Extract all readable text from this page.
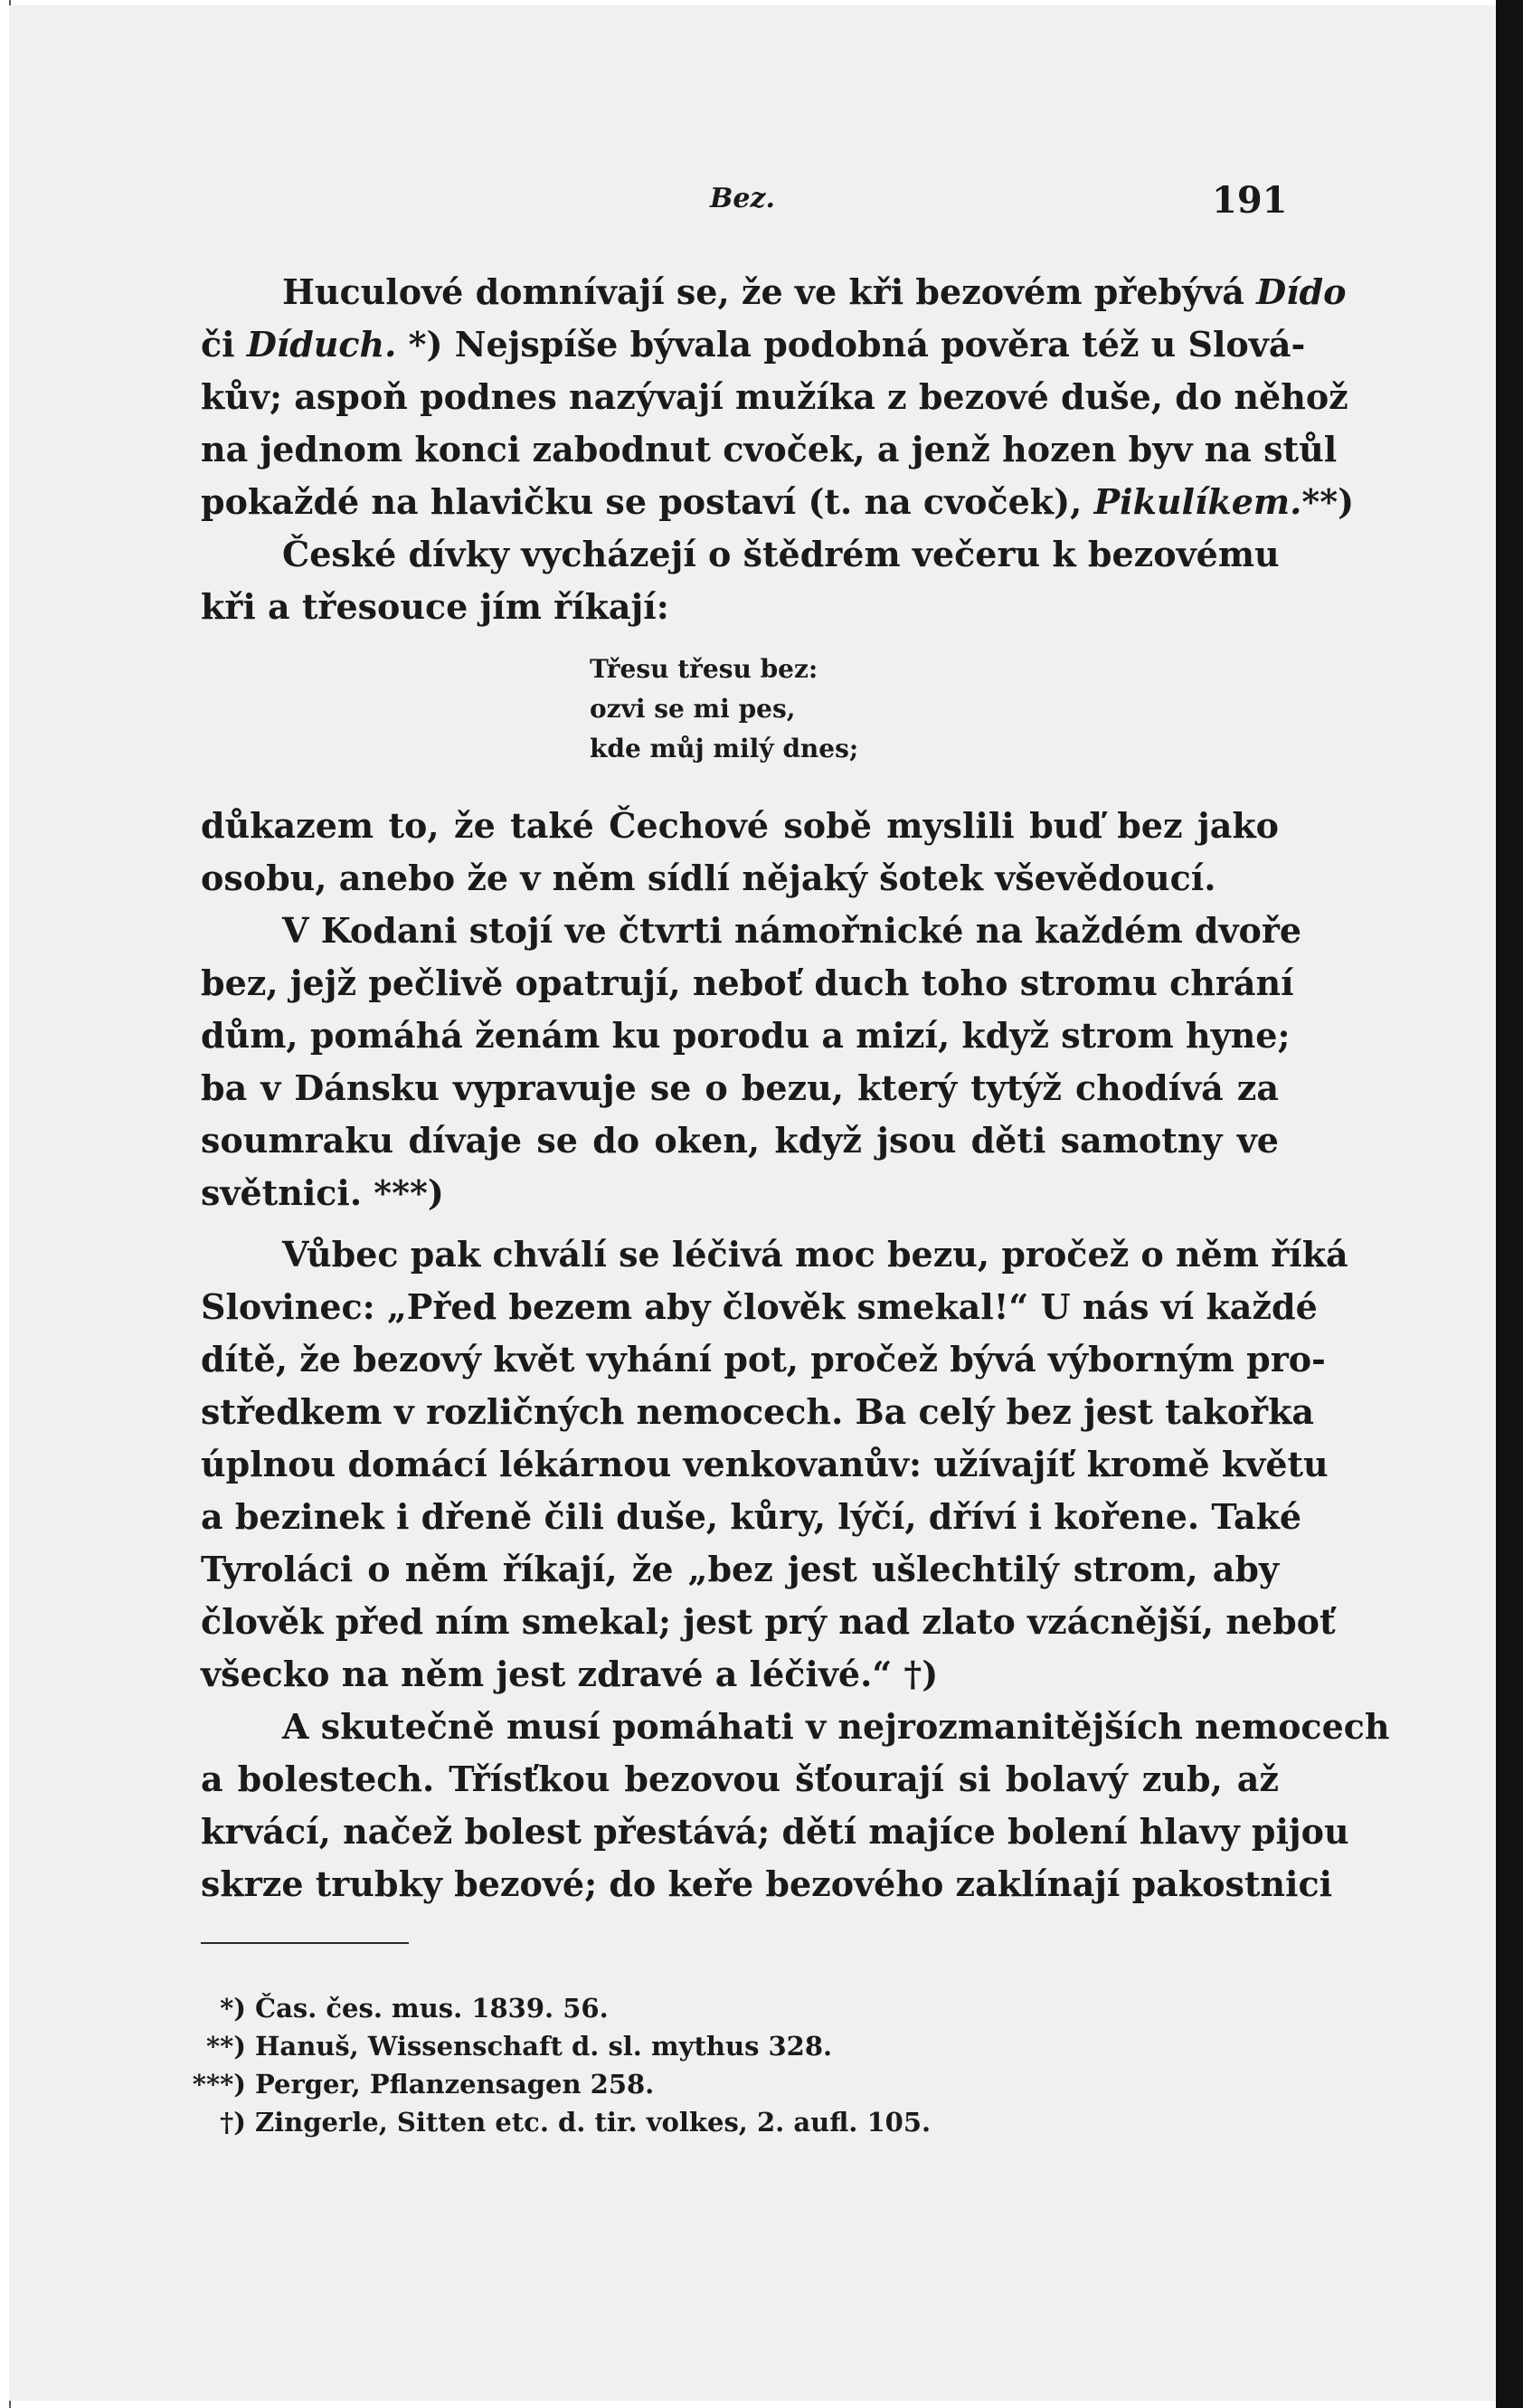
Bez.	191
Huculové domnívají se, že ve kři bezovém přebývá Dído
či Díduch. *) Nejspíše bývala podobná pověra též u Slová-
kův; aspoň podnes nazývají mužíka z bezové duše, do něhož
na jednom konci zabodnut cvoček, a jenž hozen byv na stůl
pokaždé na hlavičku se postaví (t. na cvoček), Pikulíkem.**)
České dívky vycházejí o štědrém večeru k bezovému
kři a třesouce jím říkají:
Třesu třesu bez:
ozvi se mi pes,
kde můj milý dnes;
důkazem to, že také Čechové sobě myslili buď bez jako
osobu, anebo že v něm sídlí nějaký šotek vševědoucí.
V Kodani stojí ve čtvrti námořnické na každém dvoře
bez, jejž pečlivě opatrují, neboť duch toho stromu chrání
dům, pomáhá ženám ku porodu a mizí, když strom hyne;
ba v Dánsku vypravuje se o bezu, který tytýž chodívá za
soumraku dívaje se do oken, když jsou děti samotny ve
světnici. ***)
Vůbec pak chválí se léčivá moc bezu, pročež o něm říká
Slovinec: „Před bezem aby člověk smekal!“ U nás ví každé
dítě, že bezový květ vyhání pot, pročež bývá výborným pro-
středkem v rozličných nemocech. Ba celý bez jest takořka
úplnou domácí lékárnou venkovanův: užívajíť kromě květu
a bezinek i dřeně čili duše, kůry, lýčí, dříví i kořene. Také
Tyroláci o něm říkají, že „bez jest ušlechtilý strom, aby
člověk před ním smekal; jest prý nad zlato vzácnější, neboť
všecko na něm jest zdravé a léčivé.“ †)
A skutečně musí pomáhati v nejrozmanitějších nemocech
a bolestech. Třísťkou bezovou šťourají si bolavý zub, až
krvácí, načež bolest přestává; dětí majíce bolení hlavy pijou
skrze trubky bezové; do keře bezového zaklínají pakostnici
*) Čas. čes. mus. 1839. 56.
**) Hanuš, Wissenschaft d. sl. mythus 328.
***) Perger, Pflanzensagen 258.
†) Zingerle, Sitten etc. d. tir. volkes, 2. aufl. 105.
